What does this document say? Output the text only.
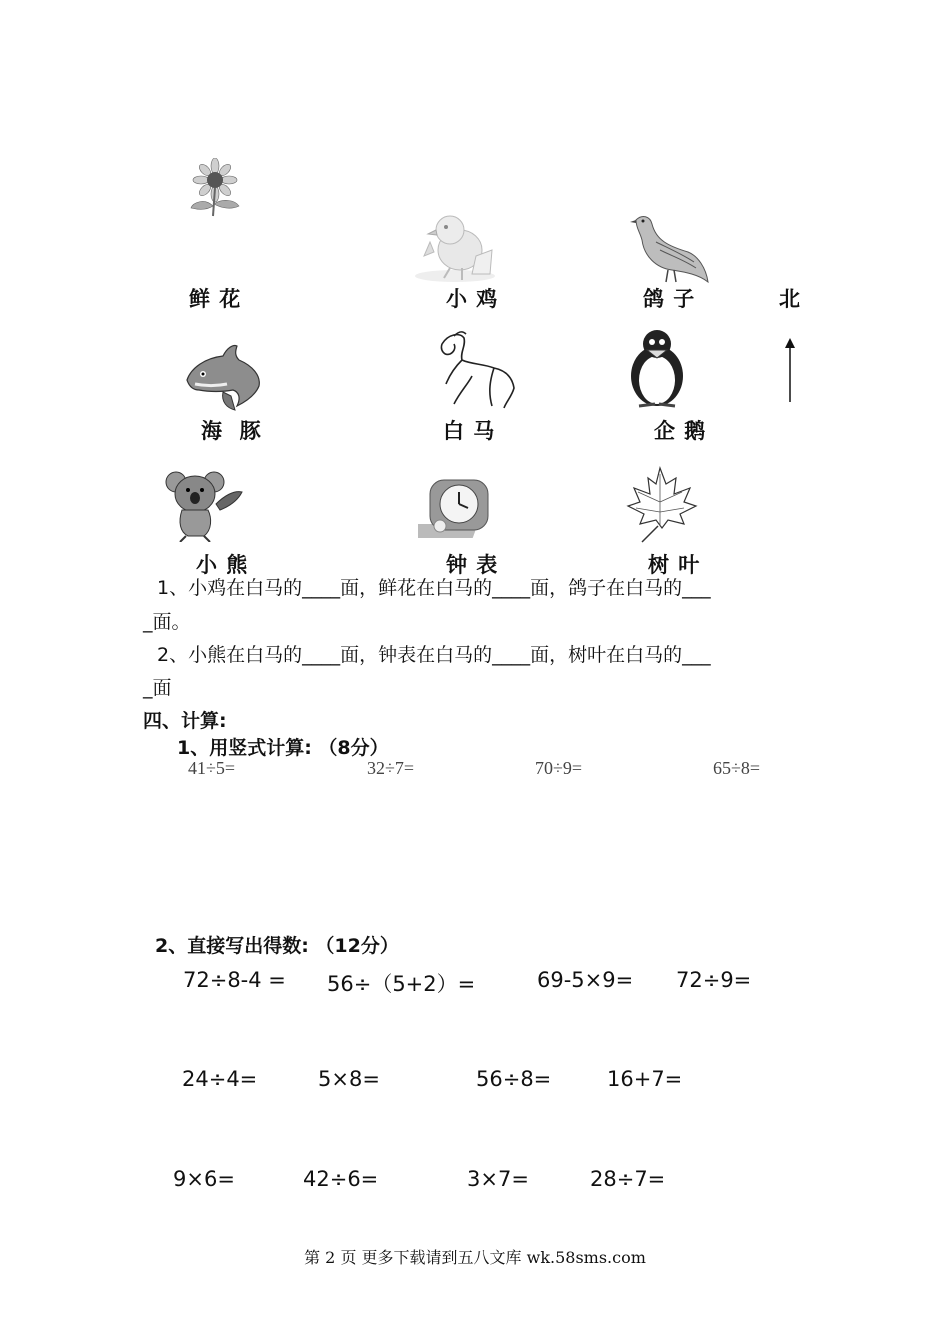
鲜 花	小 鸡	鸽 子	北
海  豚	白 马	企 鹅
小 熊	钟 表	树 叶
1、小鸡在白马的____面，鲜花在白马的____面，鸽子在白马的___
_面。
2、小熊在白马的____面，钟表在白马的____面，树叶在白马的___
_面
四、计算:
1、用竖式计算: （8分）
41÷5=	32÷7=	70÷9=	65÷8=
2、直接写出得数: （12分）
72÷8-4 = 56÷（5+2）=	69-5×9= 72÷9=
24÷4=	5×8=	56÷8=	16+7=
9×6=	42÷6=	3×7=	28÷7=
第 2 页 更多下载请到五八文库 wk.58sms.com
